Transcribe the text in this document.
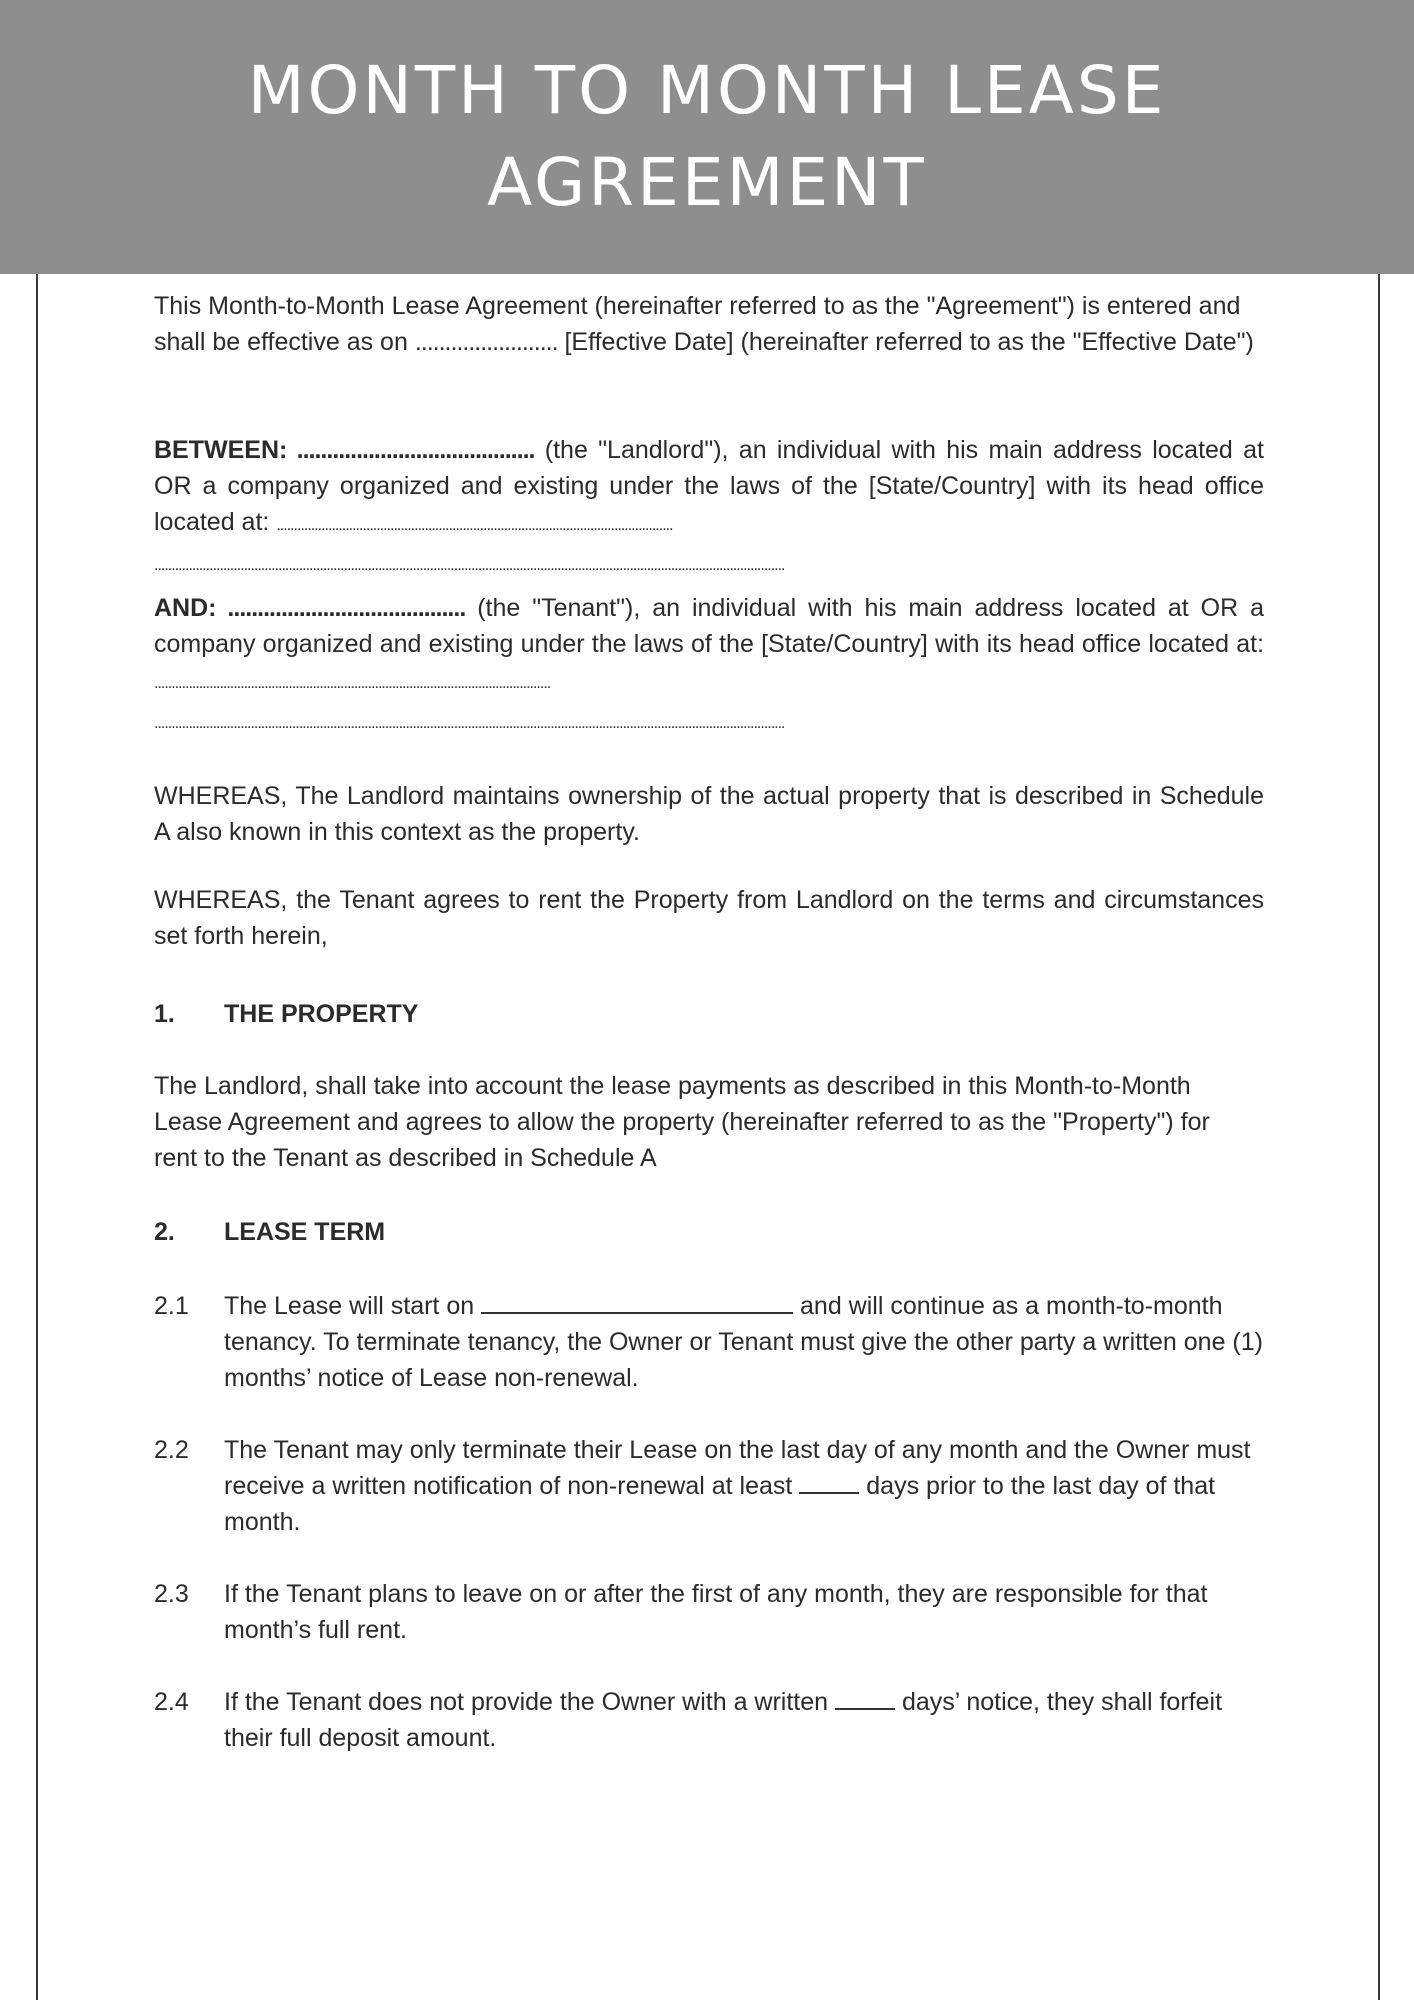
MONTH TO MONTH LEASE AGREEMENT

This Month-to-Month Lease Agreement (hereinafter referred to as the "Agreement") is entered and shall be effective as on ........................ [Effective Date] (hereinafter referred to as the "Effective Date")

BETWEEN: ........................................ (the "Landlord"), an individual with his main address located at OR a company organized and existing under the laws of the [State/Country] with its head office located at: ...................................................................................................................

.......................................................................................................................................................................................

AND: ........................................ (the "Tenant"), an individual with his main address located at OR a company organized and existing under the laws of the [State/Country] with its head office located at: ...................................................................................................................

.......................................................................................................................................................................................

WHEREAS, The Landlord maintains ownership of the actual property that is described in Schedule A also known in this context as the property.

WHEREAS, the Tenant agrees to rent the Property from Landlord on the terms and circumstances set forth herein,

1.	THE PROPERTY

The Landlord, shall take into account the lease payments as described in this Month-to-Month Lease Agreement and agrees to allow the property (hereinafter referred to as the "Property") for rent to the Tenant as described in Schedule A

2.	LEASE TERM
2.1	The Lease will start on	and will continue as a month-to-month tenancy. To terminate tenancy, the Owner or Tenant must give the other party a written one (1) months’ notice of Lease non-renewal.

2.2	The Tenant may only terminate their Lease on the last day of any month and the Owner must receive a written notification of non-renewal at least  days prior to the last day of that month.

2.3	If the Tenant plans to leave on or after the first of any month, they are responsible for that month’s full rent.

2.4	If the Tenant does not provide the Owner with a written  days’ notice, they shall forfeit their full deposit amount.
